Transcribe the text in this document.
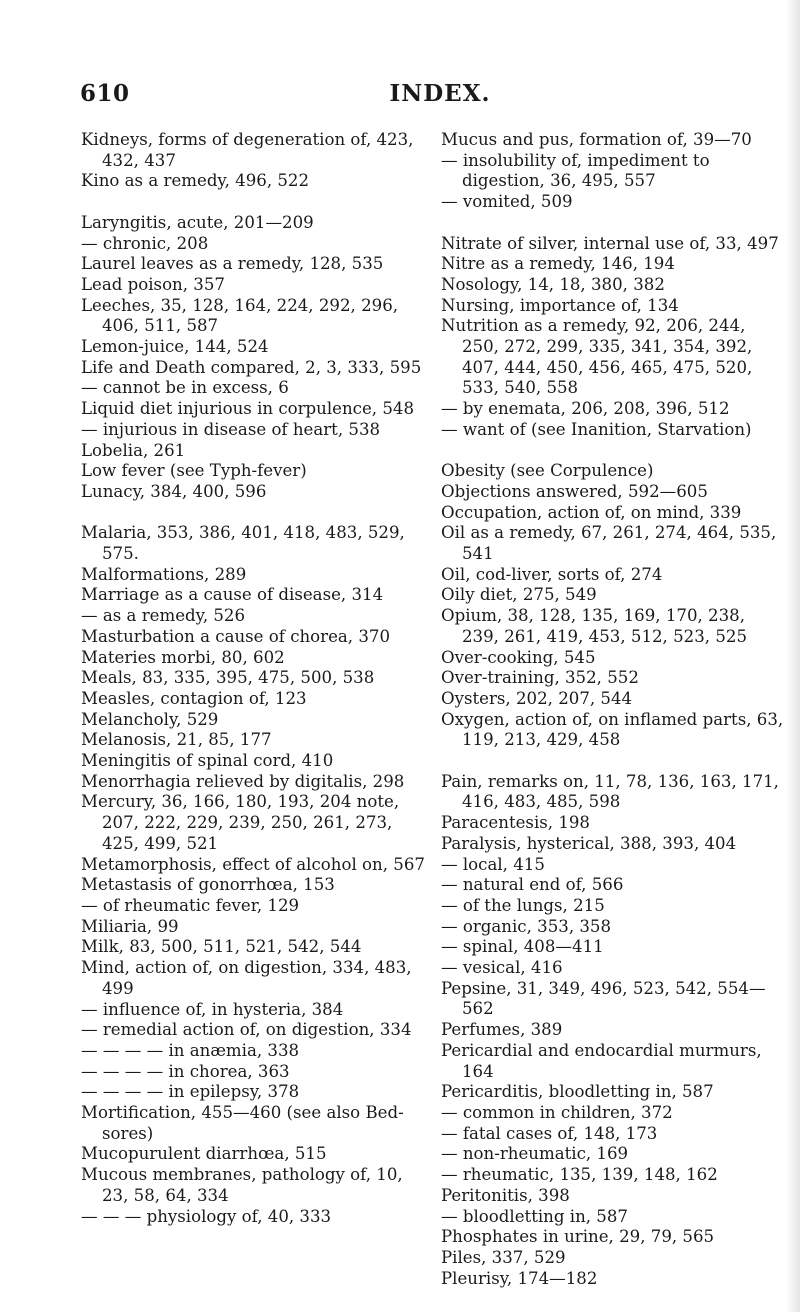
610	INDEX.
Kidneys, forms of degeneration of, 423, 432, 437
Kino as a remedy, 496, 522
Laryngitis, acute, 201—209
— chronic, 208
Laurel leaves as a remedy, 128, 535
Lead poison, 357
Leeches, 35, 128, 164, 224, 292, 296, 406, 511, 587
Lemon-juice, 144, 524
Life and Death compared, 2, 3, 333, 595
— cannot be in excess, 6
Liquid diet injurious in corpulence, 548
— injurious in disease of heart, 538
Lobelia, 261
Low fever (see Typh-fever)
Lunacy, 384, 400, 596
Malaria, 353, 386, 401, 418, 483, 529, 575.
Malformations, 289
Marriage as a cause of disease, 314
— as a remedy, 526
Masturbation a cause of chorea, 370
Materies morbi, 80, 602
Meals, 83, 335, 395, 475, 500, 538
Measles, contagion of, 123
Melancholy, 529
Melanosis, 21, 85, 177
Meningitis of spinal cord, 410
Menorrhagia relieved by digitalis, 298
Mercury, 36, 166, 180, 193, 204 note, 207, 222, 229, 239, 250, 261, 273, 425, 499, 521
Metamorphosis, effect of alcohol on, 567
Metastasis of gonorrhœa, 153
— of rheumatic fever, 129
Miliaria, 99
Milk, 83, 500, 511, 521, 542, 544
Mind, action of, on digestion, 334, 483, 499
— influence of, in hysteria, 384
— remedial action of, on digestion, 334
— — — — in anæmia, 338
— — — — in chorea, 363
— — — — in epilepsy, 378
Mortification, 455—460 (see also Bed-sores)
Mucopurulent diarrhœa, 515
Mucous membranes, pathology of, 10, 23, 58, 64, 334
— — — physiology of, 40, 333
Mucus and pus, formation of, 39—70
— insolubility of, impediment to digestion, 36, 495, 557
— vomited, 509
Nitrate of silver, internal use of, 33, 497
Nitre as a remedy, 146, 194
Nosology, 14, 18, 380, 382
Nursing, importance of, 134
Nutrition as a remedy, 92, 206, 244, 250, 272, 299, 335, 341, 354, 392, 407, 444, 450, 456, 465, 475, 520, 533, 540, 558
— by enemata, 206, 208, 396, 512
— want of (see Inanition, Starvation)
Obesity (see Corpulence)
Objections answered, 592—605
Occupation, action of, on mind, 339
Oil as a remedy, 67, 261, 274, 464, 535, 541
Oil, cod-liver, sorts of, 274
Oily diet, 275, 549
Opium, 38, 128, 135, 169, 170, 238, 239, 261, 419, 453, 512, 523, 525
Over-cooking, 545
Over-training, 352, 552
Oysters, 202, 207, 544
Oxygen, action of, on inflamed parts, 63, 119, 213, 429, 458
Pain, remarks on, 11, 78, 136, 163, 171, 416, 483, 485, 598
Paracentesis, 198
Paralysis, hysterical, 388, 393, 404
— local, 415
— natural end of, 566
— of the lungs, 215
— organic, 353, 358
— spinal, 408—411
— vesical, 416
Pepsine, 31, 349, 496, 523, 542, 554—562
Perfumes, 389
Pericardial and endocardial murmurs, 164
Pericarditis, bloodletting in, 587
— common in children, 372
— fatal cases of, 148, 173
— non-rheumatic, 169
— rheumatic, 135, 139, 148, 162
Peritonitis, 398
— bloodletting in, 587
Phosphates in urine, 29, 79, 565
Piles, 337, 529
Pleurisy, 174—182
